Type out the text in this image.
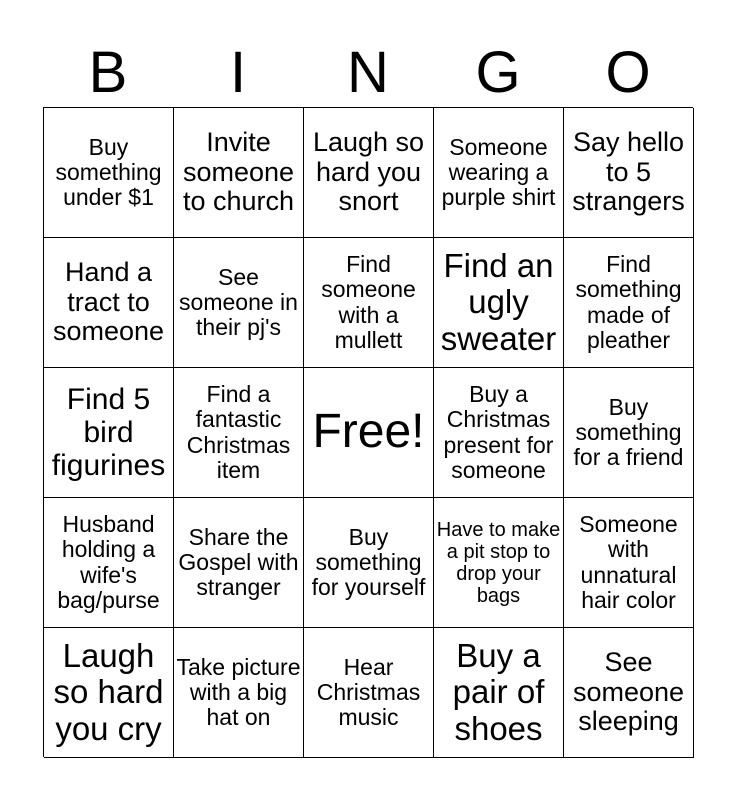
B	I	N	G	O
Buy something under $1
Invite someone to church
Laugh so hard you snort
Someone wearing a purple shirt
Say hello to 5 strangers
Hand a tract to someone
See someone in their pj's
Find someone with a mullett
Find an ugly sweater
Find something made of pleather
Find 5 bird figurines
Find a fantastic Christmas item
Free!
Buy a Christmas present for someone
Buy something for a friend
Husband holding a wife's bag/purse
Share the Gospel with stranger
Buy something for yourself
Have to make a pit stop to drop your bags
Someone with unnatural hair color
Laugh so hard you cry
Take picture with a big hat on
Hear Christmas music
Buy a pair of shoes
See someone sleeping
